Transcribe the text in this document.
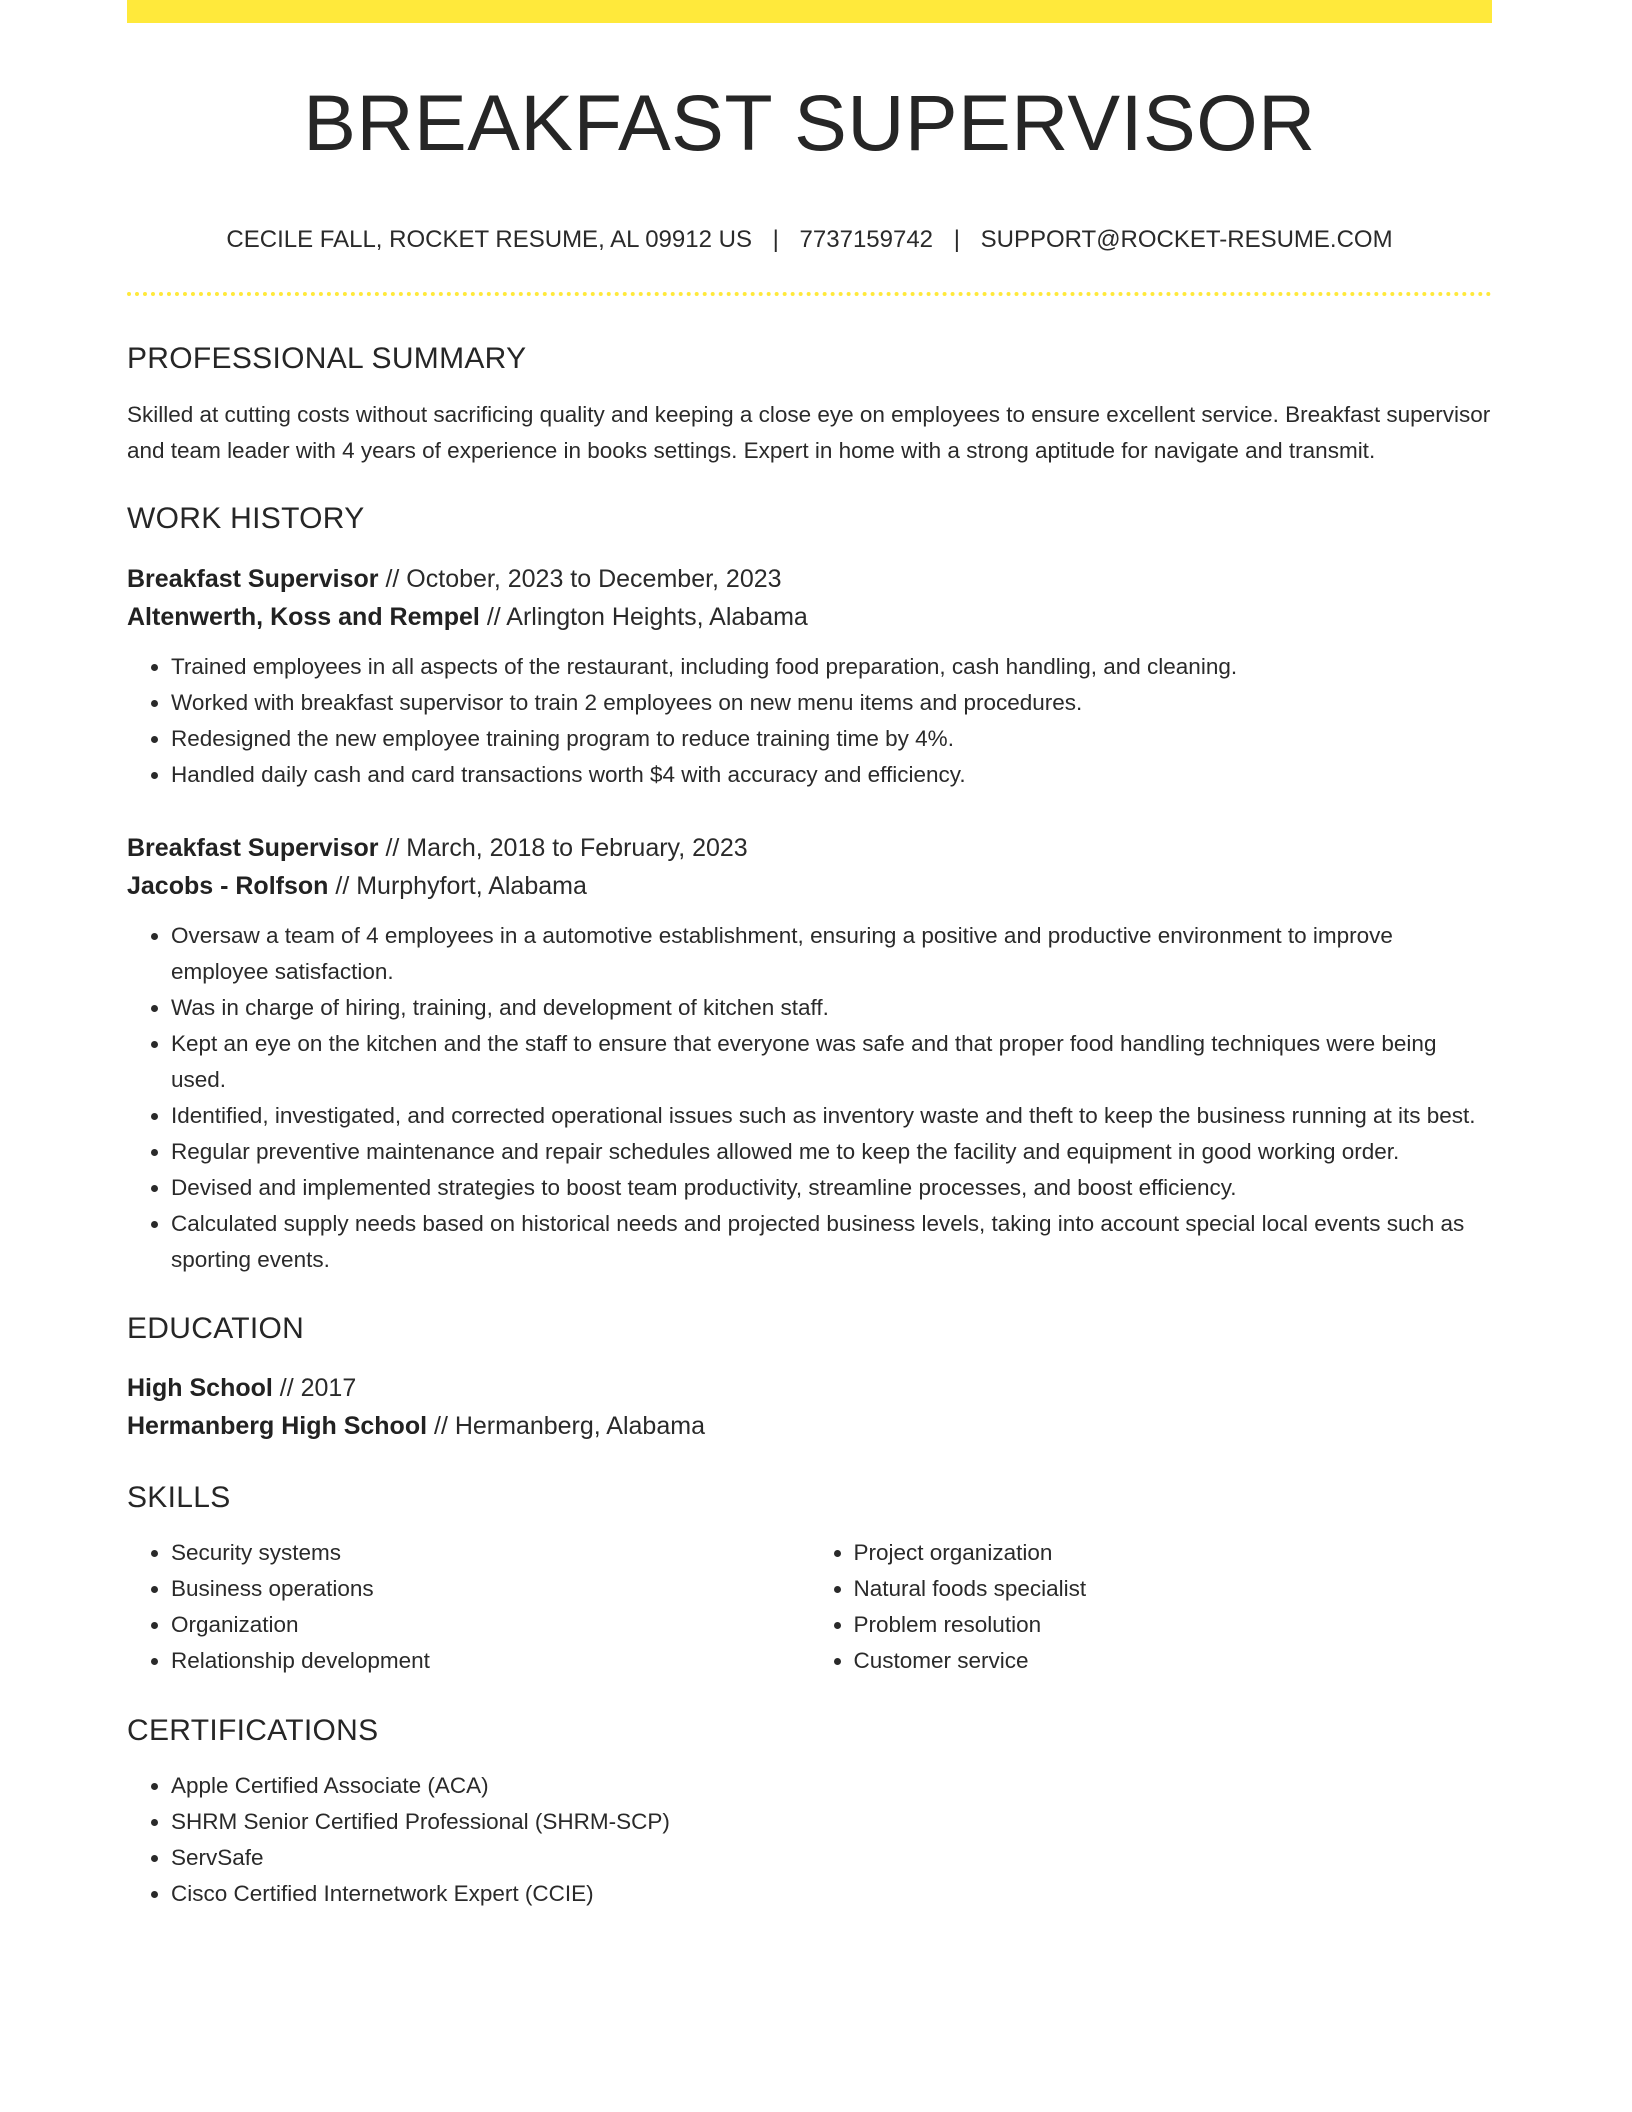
BREAKFAST SUPERVISOR
CECILE FALL, ROCKET RESUME, AL 09912 US | 7737159742 | SUPPORT@ROCKET-RESUME.COM
PROFESSIONAL SUMMARY
Skilled at cutting costs without sacrificing quality and keeping a close eye on employees to ensure excellent service. Breakfast supervisor and team leader with 4 years of experience in books settings. Expert in home with a strong aptitude for navigate and transmit.
WORK HISTORY
Breakfast Supervisor // October, 2023 to December, 2023
Altenwerth, Koss and Rempel // Arlington Heights, Alabama
• Trained employees in all aspects of the restaurant, including food preparation, cash handling, and cleaning.
• Worked with breakfast supervisor to train 2 employees on new menu items and procedures.
• Redesigned the new employee training program to reduce training time by 4%.
• Handled daily cash and card transactions worth $4 with accuracy and efficiency.
Breakfast Supervisor // March, 2018 to February, 2023
Jacobs - Rolfson // Murphyfort, Alabama
• Oversaw a team of 4 employees in a automotive establishment, ensuring a positive and productive environment to improve employee satisfaction.
• Was in charge of hiring, training, and development of kitchen staff.
• Kept an eye on the kitchen and the staff to ensure that everyone was safe and that proper food handling techniques were being used.
• Identified, investigated, and corrected operational issues such as inventory waste and theft to keep the business running at its best.
• Regular preventive maintenance and repair schedules allowed me to keep the facility and equipment in good working order.
• Devised and implemented strategies to boost team productivity, streamline processes, and boost efficiency.
• Calculated supply needs based on historical needs and projected business levels, taking into account special local events such as sporting events.
EDUCATION
High School // 2017
Hermanberg High School // Hermanberg, Alabama
SKILLS
• Security systems
• Business operations
• Organization
• Relationship development
• Project organization
• Natural foods specialist
• Problem resolution
• Customer service
CERTIFICATIONS
• Apple Certified Associate (ACA)
• SHRM Senior Certified Professional (SHRM-SCP)
• ServSafe
• Cisco Certified Internetwork Expert (CCIE)
